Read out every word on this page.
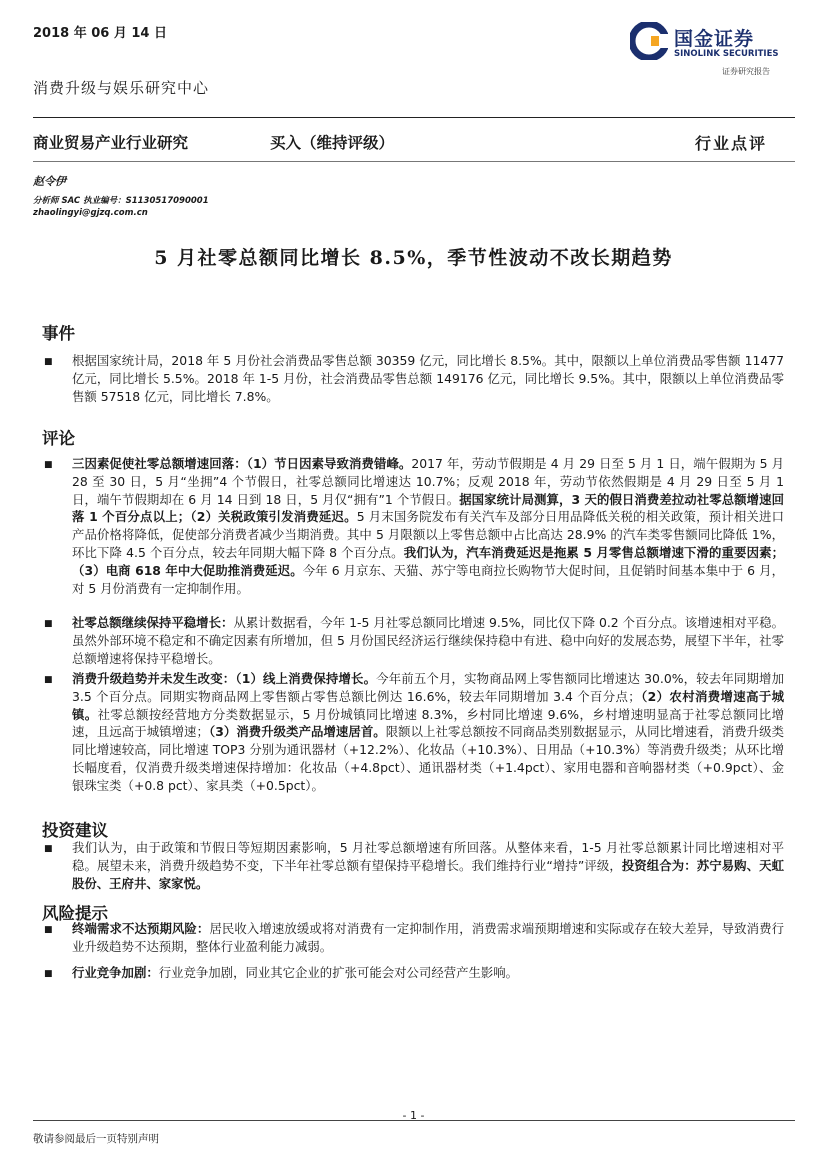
2018 年 06 月 14 日	国金证券
SINOLINK SECURITIES
证券研究报告
消费升级与娱乐研究中心
商业贸易产业行业研究	买入（维持评级）	行业点评
赵令伊
分析师 SAC 执业编号：S1130517090001
zhaolingyi@gjzq.com.cn
5 月社零总额同比增长 8.5%，季节性波动不改长期趋势
事件
■ 根据国家统计局，2018 年 5 月份社会消费品零售总额 30359 亿元，同比增长 8.5%。其中，限额以上单位消费品零售额 11477 亿元，同比增长 5.5%。2018 年 1-5 月份，社会消费品零售总额 149176 亿元，同比增长 9.5%。其中，限额以上单位消费品零售额 57518 亿元，同比增长 7.8%。
评论
■ 三因素促使社零总额增速回落：（1）节日因素导致消费错峰。2017 年，劳动节假期是 4 月 29 日至 5 月 1 日，端午假期为 5 月 28 至 30 日，5 月“坐拥”4 个节假日，社零总额同比增速达 10.7%；反观 2018 年，劳动节依然假期是 4 月 29 日至 5 月 1 日，端午节假期却在 6 月 14 日到 18 日，5 月仅“拥有”1 个节假日。据国家统计局测算，3 天的假日消费差拉动社零总额增速回落 1 个百分点以上；（2）关税政策引发消费延迟。5 月末国务院发布有关汽车及部分日用品降低关税的相关政策，预计相关进口产品价格将降低，促使部分消费者减少当期消费。其中 5 月限额以上零售总额中占比高达 28.9% 的汽车类零售额同比降低 1%，环比下降 4.5 个百分点，较去年同期大幅下降 8 个百分点。我们认为，汽车消费延迟是拖累 5 月零售总额增速下滑的重要因素；（3）电商 618 年中大促助推消费延迟。今年 6 月京东、天猫、苏宁等电商拉长购物节大促时间，且促销时间基本集中于 6 月，对 5 月份消费有一定抑制作用。
■ 社零总额继续保持平稳增长：从累计数据看，今年 1-5 月社零总额同比增速 9.5%，同比仅下降 0.2 个百分点。该增速相对平稳。虽然外部环境不稳定和不确定因素有所增加，但 5 月份国民经济运行继续保持稳中有进、稳中向好的发展态势，展望下半年，社零总额增速将保持平稳增长。
■ 消费升级趋势并未发生改变：（1）线上消费保持增长。今年前五个月，实物商品网上零售额同比增速达 30.0%，较去年同期增加 3.5 个百分点。同期实物商品网上零售额占零售总额比例达 16.6%，较去年同期增加 3.4 个百分点；（2）农村消费增速高于城镇。社零总额按经营地方分类数据显示，5 月份城镇同比增速 8.3%，乡村同比增速 9.6%，乡村增速明显高于社零总额同比增速，且远高于城镇增速；（3）消费升级类产品增速居首。限额以上社零总额按不同商品类别数据显示，从同比增速看，消费升级类同比增速较高，同比增速 TOP3 分别为通讯器材（+12.2%）、化妆品（+10.3%）、日用品（+10.3%）等消费升级类；从环比增长幅度看，仅消费升级类增速保持增加：化妆品（+4.8pct）、通讯器材类（+1.4pct）、家用电器和音响器材类（+0.9pct）、金银珠宝类（+0.8 pct）、家具类（+0.5pct）。
投资建议
■ 我们认为，由于政策和节假日等短期因素影响，5 月社零总额增速有所回落。从整体来看，1-5 月社零总额累计同比增速相对平稳。展望未来，消费升级趋势不变，下半年社零总额有望保持平稳增长。我们维持行业“增持”评级，投资组合为：苏宁易购、天虹股份、王府井、家家悦。
风险提示
■ 终端需求不达预期风险：居民收入增速放缓或将对消费有一定抑制作用，消费需求端预期增速和实际或存在较大差异，导致消费行业升级趋势不达预期，整体行业盈利能力减弱。
■ 行业竞争加剧：行业竞争加剧，同业其它企业的扩张可能会对公司经营产生影响。
- 1 -
敬请参阅最后一页特别声明
